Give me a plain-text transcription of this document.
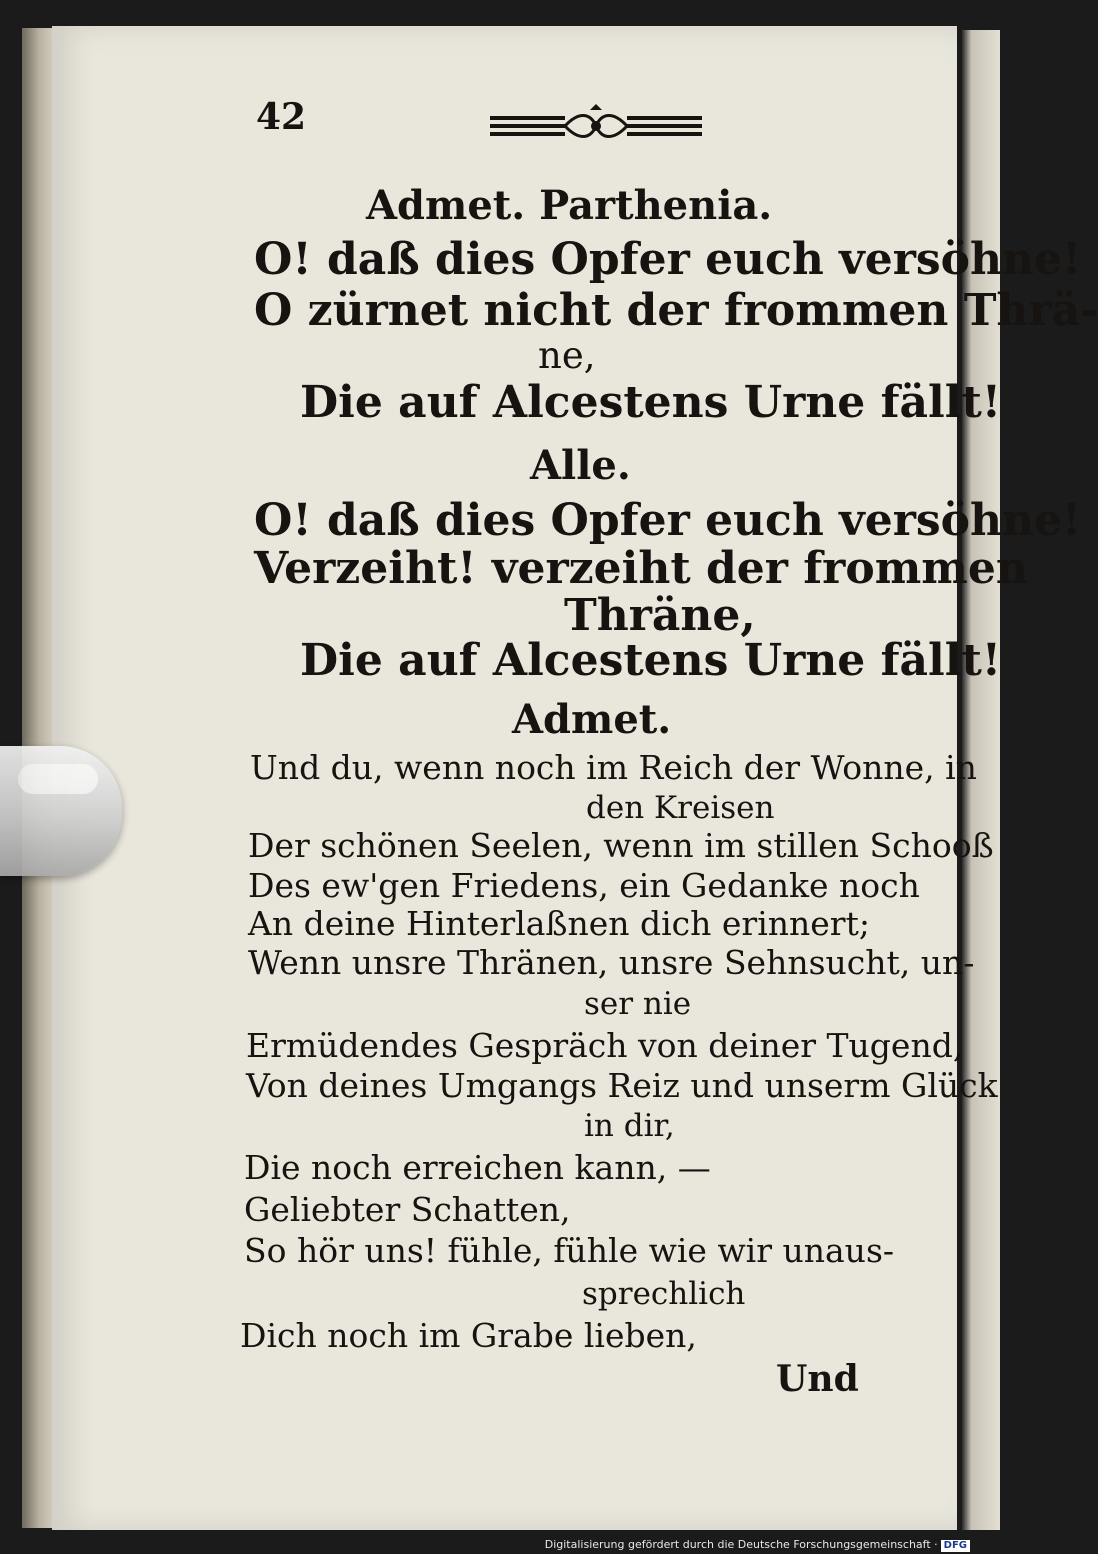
42
Admet. Parthenia.
O! daß dies Opfer euch versöhne!
O zürnet nicht der frommen Thrä-
ne,
Die auf Alcestens Urne fällt!
Alle.
O! daß dies Opfer euch versöhne!
Verzeiht! verzeiht der frommen
Thräne,
Die auf Alcestens Urne fällt!
Admet.
Und du, wenn noch im Reich der Wonne, in
den Kreisen
Der schönen Seelen, wenn im stillen Schooß
Des ew'gen Friedens, ein Gedanke noch
An deine Hinterlaßnen dich erinnert;
Wenn unsre Thränen, unsre Sehnsucht, un-
ser nie
Ermüdendes Gespräch von deiner Tugend,
Von deines Umgangs Reiz und unserm Glück
in dir,
Die noch erreichen kann, —
Geliebter Schatten,
So hör uns! fühle, fühle wie wir unaus-
sprechlich
Dich noch im Grabe lieben,
Und
Digitalisierung gefördert durch die Deutsche Forschungsgemeinschaft · DFG
